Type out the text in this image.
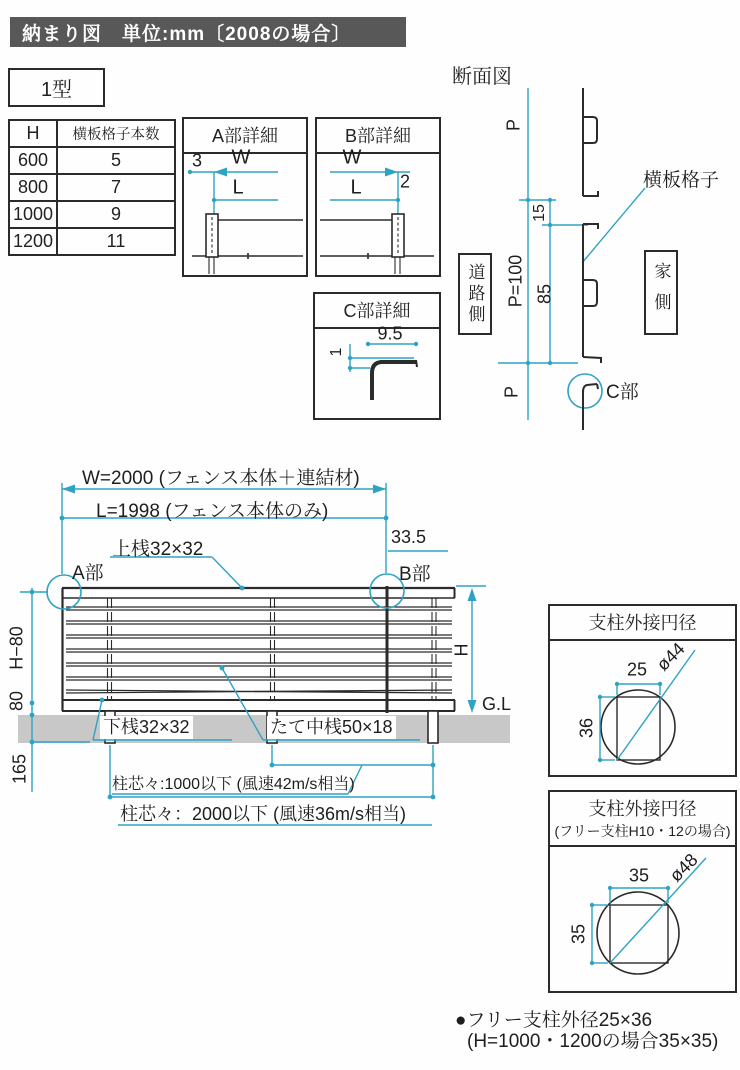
納まり図　単位:mm〔2008の場合〕
1型
H	横板格子本数
600	5
800	7
1000	9
1200	11
A部詳細
3 W
L
B部詳細
W
2
L
C部詳細
9.5
1
断面図
P
15
P=100 85
P
道路側	家側
横板格子
C部
W=2000 (フェンス本体＋連結材)
L=1998 (フェンス本体のみ)
33.5
上桟32×32
A部	B部
H−80
80
165
H
G.L
下桟32×32	たて中桟50×18
柱芯々:1000以下 (風速42m/s相当)
柱芯々：2000以下 (風速36m/s相当)
支柱外接円径
25
36
ø44
支柱外接円径
(フリー支柱H10・12の場合)
35
35
ø48
●フリー支柱外径25×36
(H=1000・1200の場合35×35)
